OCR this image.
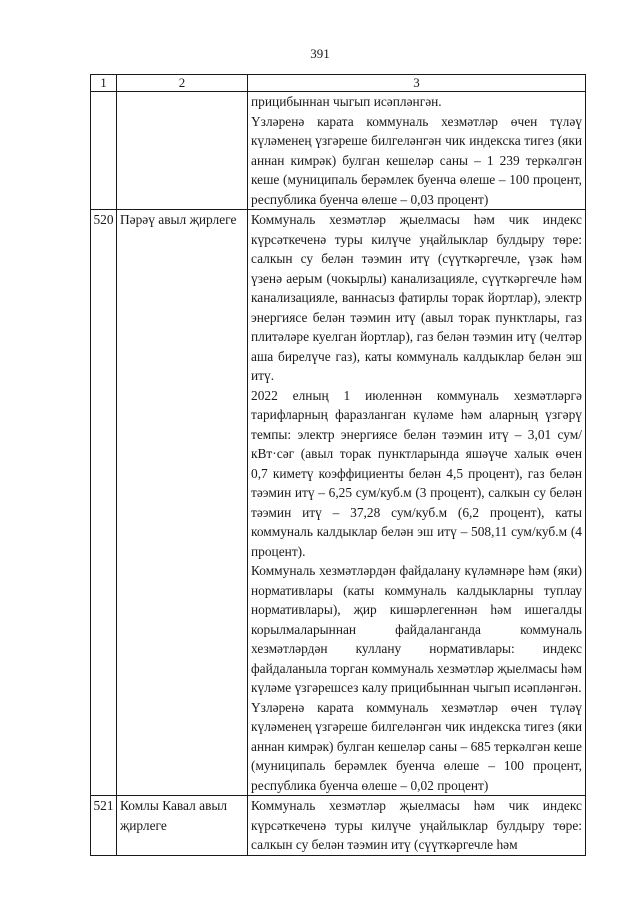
391
1	2	3

		прицибыннан чыгып исәпләнгән.

Үзләренә карата коммуналь хезмәтләр өчен түләү күләменең үзгәреше билгеләнгән чик индекска тигез (яки аннан кимрәк) булган кешеләр саны – 1 239 теркәлгән кеше (муниципаль берәмлек буенча өлеше – 100 процент, республика буенча өлеше – 0,03 процент)

520	Пәрәү авыл җирлеге	Коммуналь хезмәтләр җыелмасы һәм чик индекс күрсәткеченә туры килүче уңайлыклар булдыру төре: салкын су белән тәэмин итү (сүүткәргечле, үзәк һәм үзенә аерым (чокырлы) канализацияле, сүүткәргечле һәм канализацияле, ваннасыз фатирлы торак йортлар), электр энергиясе белән тәэмин итү (авыл торак пунктлары, газ плитәләре куелган йортлар), газ белән тәэмин итү (челтәр аша бирелүче газ), каты коммуналь калдыклар белән эш итү.

2022 елның 1 июленнән коммуналь хезмәтләргә тарифларның фаразланган күләме һәм аларның үзгәрү темпы: электр энергиясе белән тәэмин итү – 3,01 сум/кВт·сәг (авыл торак пунктларында яшәүче халык өчен 0,7 киметү коэффициенты белән 4,5 процент), газ белән тәэмин итү – 6,25 сум/куб.м (3 процент), салкын су белән тәэмин итү – 37,28 сум/куб.м (6,2 процент), каты коммуналь калдыклар белән эш итү – 508,11 сум/куб.м (4 процент).

Коммуналь хезмәтләрдән файдалану күләмнәре һәм (яки) нормативлары (каты коммуналь калдыкларны туплау нормативлары), җир кишәрлегеннән һәм ишегалды корылмаларыннан файдаланганда коммуналь хезмәтләрдән куллану нормативлары: индекс файдаланыла торган коммуналь хезмәтләр җыелмасы һәм күләме үзгәрешсез калу прицибыннан чыгып исәпләнгән.

Үзләренә карата коммуналь хезмәтләр өчен түләү күләменең үзгәреше билгеләнгән чик индекска тигез (яки аннан кимрәк) булган кешеләр саны – 685 теркәлгән кеше (муниципаль берәмлек буенча өлеше – 100 процент, республика буенча өлеше – 0,02 процент)

521	Комлы Кавал авыл җирлеге	Коммуналь хезмәтләр җыелмасы һәм чик индекс күрсәткеченә туры килүче уңайлыклар булдыру төре: салкын су белән тәэмин итү (сүүткәргечле һәм
